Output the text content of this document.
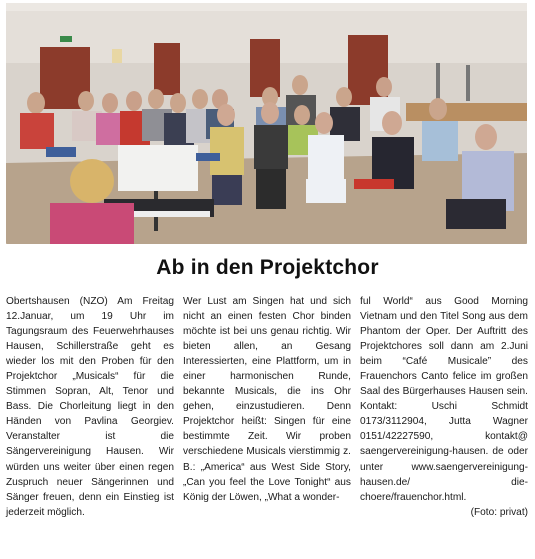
Ab in den Projektchor

Obertshausen (NZO) Am Freitag 12.Januar, um 19 Uhr im Tagungsraum des Feuerwehrhauses Hausen, Schillerstraße geht es wieder los mit den Proben für den Projektchor „Musicals“ für die Stimmen Sopran, Alt, Tenor und Bass. Die Chorleitung liegt in den Händen von Pavlina Georgiev. Veranstalter ist die Sängervereinigung Hausen. Wir würden uns weiter über einen regen Zuspruch neuer Sängerinnen und Sänger freuen, denn ein Einstieg ist jederzeit möglich.

Wer Lust am Singen hat und sich nicht an einen festen Chor binden möchte ist bei uns genau richtig. Wir bieten allen, an Gesang Interessierten, eine Plattform, um in einer harmonischen Runde, bekannte Musicals, die ins Ohr gehen, einzustudieren. Denn Projektchor heißt: Singen für eine bestimmte Zeit. Wir proben verschiedene Musicals vierstimmig z. B.: „America“ aus West Side Story, „Can you feel the Love Tonight“ aus König der Löwen, „What a wonder-

ful World“ aus Good Morning Vietnam und den Titel Song aus dem Phantom der Oper. Der Auftritt des Projektchores soll dann am 2.Juni beim “Café Musicale” des Frauenchors Canto felice im großen Saal des Bürgerhauses Hausen sein. Kontakt: Uschi Schmidt 0173/3112904, Jutta Wagner 0151/42227590, kontakt@ saengervereinigung-hausen. de oder unter www.saengervereinigung-hausen.de/ die-choere/frauenchor.html.

(Foto: privat)
